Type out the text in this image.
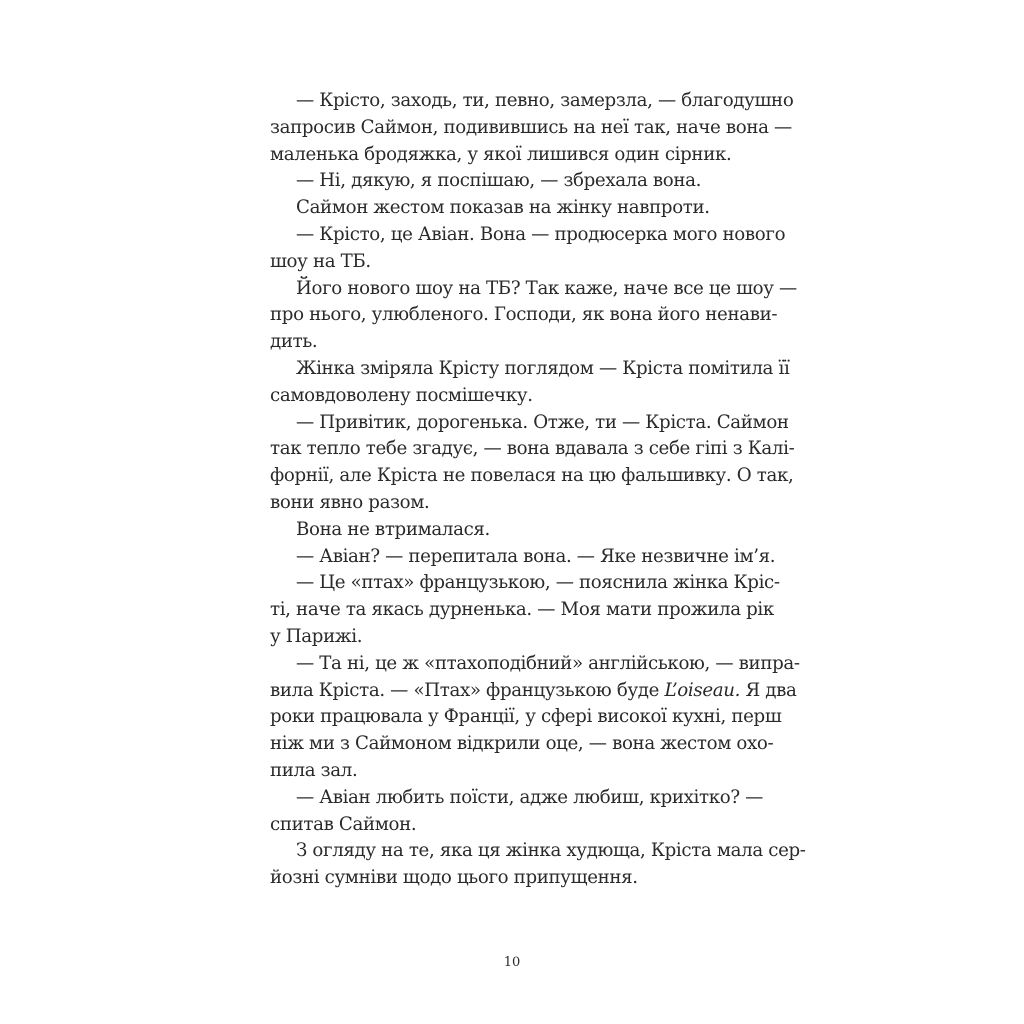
— Крісто, заходь, ти, певно, замерзла, — благодушно
запросив Саймон, подивившись на неї так, наче вона —
маленька бродяжка, у якої лишився один сірник.
— Ні, дякую, я поспішаю, — збрехала вона.
Саймон жестом показав на жінку навпроти.
— Крісто, це Авіан. Вона — продюсерка мого нового
шоу на ТБ.
Його нового шоу на ТБ? Так каже, наче все це шоу —
про нього, улюбленого. Господи, як вона його ненави-
дить.
Жінка зміряла Крісту поглядом — Кріста помітила її
самовдоволену посмішечку.
— Привітик, дорогенька. Отже, ти — Кріста. Саймон
так тепло тебе згадує, — вона вдавала з себе гіпі з Калі-
форнії, але Кріста не повелася на цю фальшивку. О так,
вони явно разом.
Вона не втрималася.
— Авіан? — перепитала вона. — Яке незвичне ім’я.
— Це «птах» французькою, — пояснила жінка Кріс-
ті, наче та якась дурненька. — Моя мати прожила рік
у Парижі.
— Та ні, це ж «птахоподібний» англійською, — випра-
вила Кріста. — «Птах» французькою буде L’oiseau. Я два
роки працювала у Франції, у сфері високої кухні, перш
ніж ми з Саймоном відкрили оце, — вона жестом охо-
пила зал.
— Авіан любить поїсти, адже любиш, крихітко? —
спитав Саймон.
З огляду на те, яка ця жінка худюща, Кріста мала сер-
йозні сумніви щодо цього припущення.
10
